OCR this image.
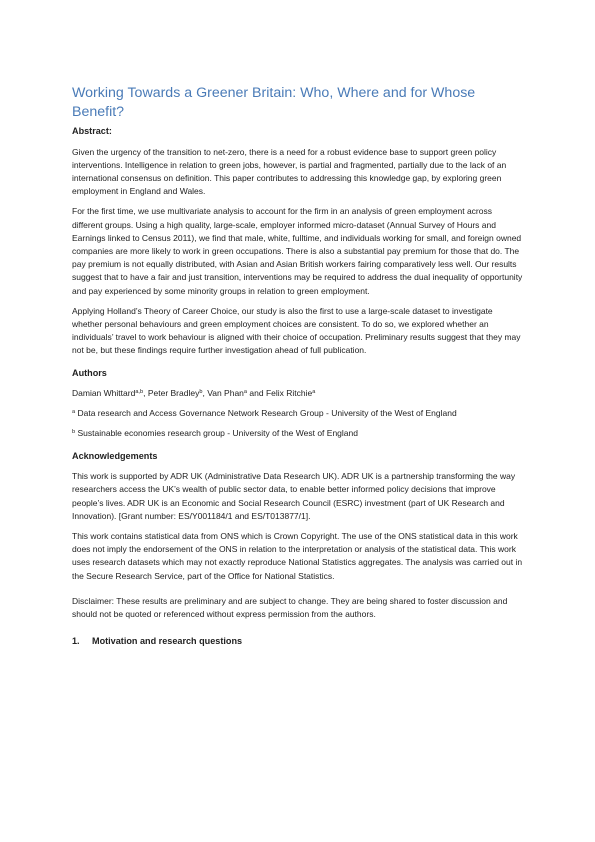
Working Towards a Greener Britain: Who, Where and for Whose Benefit?
Abstract:

Given the urgency of the transition to net-zero, there is a need for a robust evidence base to support green policy interventions. Intelligence in relation to green jobs, however, is partial and fragmented, partially due to the lack of an international consensus on definition. This paper contributes to addressing this knowledge gap, by exploring green employment in England and Wales.

For the first time, we use multivariate analysis to account for the firm in an analysis of green employment across different groups. Using a high quality, large-scale, employer informed micro-dataset (Annual Survey of Hours and Earnings linked to Census 2011), we find that male, white, fulltime, and individuals working for small, and foreign owned companies are more likely to work in green occupations. There is also a substantial pay premium for those that do. The pay premium is not equally distributed, with Asian and Asian British workers fairing comparatively less well. Our results suggest that to have a fair and just transition, interventions may be required to address the dual inequality of opportunity and pay experienced by some minority groups in relation to green employment.

Applying Holland’s Theory of Career Choice, our study is also the first to use a large-scale dataset to investigate whether personal behaviours and green employment choices are consistent. To do so, we explored whether an individuals’ travel to work behaviour is aligned with their choice of occupation. Preliminary results suggest that they may not be, but these findings require further investigation ahead of full publication.

Authors

Damian Whittard$^{a,b}$, Peter Bradley$^b$, Van Phan$^a$ and Felix Ritchie$^a$

$^a$ Data research and Access Governance Network Research Group - University of the West of England

$^b$ Sustainable economies research group - University of the West of England

Acknowledgements

This work is supported by ADR UK (Administrative Data Research UK). ADR UK is a partnership transforming the way researchers access the UK’s wealth of public sector data, to enable better informed policy decisions that improve people’s lives. ADR UK is an Economic and Social Research Council (ESRC) investment (part of UK Research and Innovation). [Grant number: ES/Y001184/1 and ES/T013877/1].

This work contains statistical data from ONS which is Crown Copyright. The use of the ONS statistical data in this work does not imply the endorsement of the ONS in relation to the interpretation or analysis of the statistical data. This work uses research datasets which may not exactly reproduce National Statistics aggregates. The analysis was carried out in the Secure Research Service, part of the Office for National Statistics.

Disclaimer: These results are preliminary and are subject to change. They are being shared to foster discussion and should not be quoted or referenced without express permission from the authors.

1. Motivation and research questions
